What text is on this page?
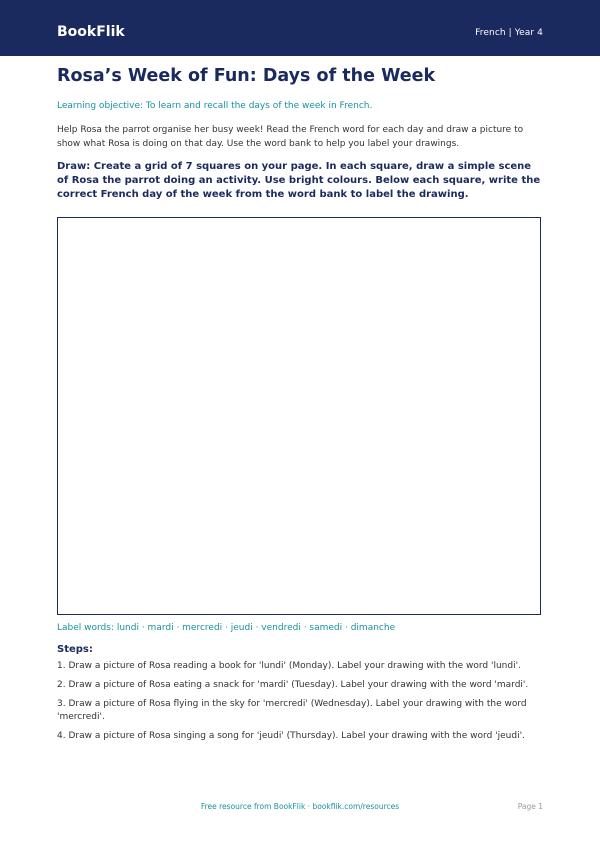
BookFlik	French | Year 4
Rosa’s Week of Fun: Days of the Week
Learning objective: To learn and recall the days of the week in French.
Help Rosa the parrot organise her busy week! Read the French word for each day and draw a picture to show what Rosa is doing on that day. Use the word bank to help you label your drawings.
Draw: Create a grid of 7 squares on your page. In each square, draw a simple scene of Rosa the parrot doing an activity. Use bright colours. Below each square, write the correct French day of the week from the word bank to label the drawing.
Label words: lundi · mardi · mercredi · jeudi · vendredi · samedi · dimanche
Steps:
1. Draw a picture of Rosa reading a book for 'lundi' (Monday). Label your drawing with the word 'lundi'.
2. Draw a picture of Rosa eating a snack for 'mardi' (Tuesday). Label your drawing with the word 'mardi'.
3. Draw a picture of Rosa flying in the sky for 'mercredi' (Wednesday). Label your drawing with the word 'mercredi'.
4. Draw a picture of Rosa singing a song for 'jeudi' (Thursday). Label your drawing with the word 'jeudi'.
Free resource from BookFlik · bookflik.com/resources	Page 1
